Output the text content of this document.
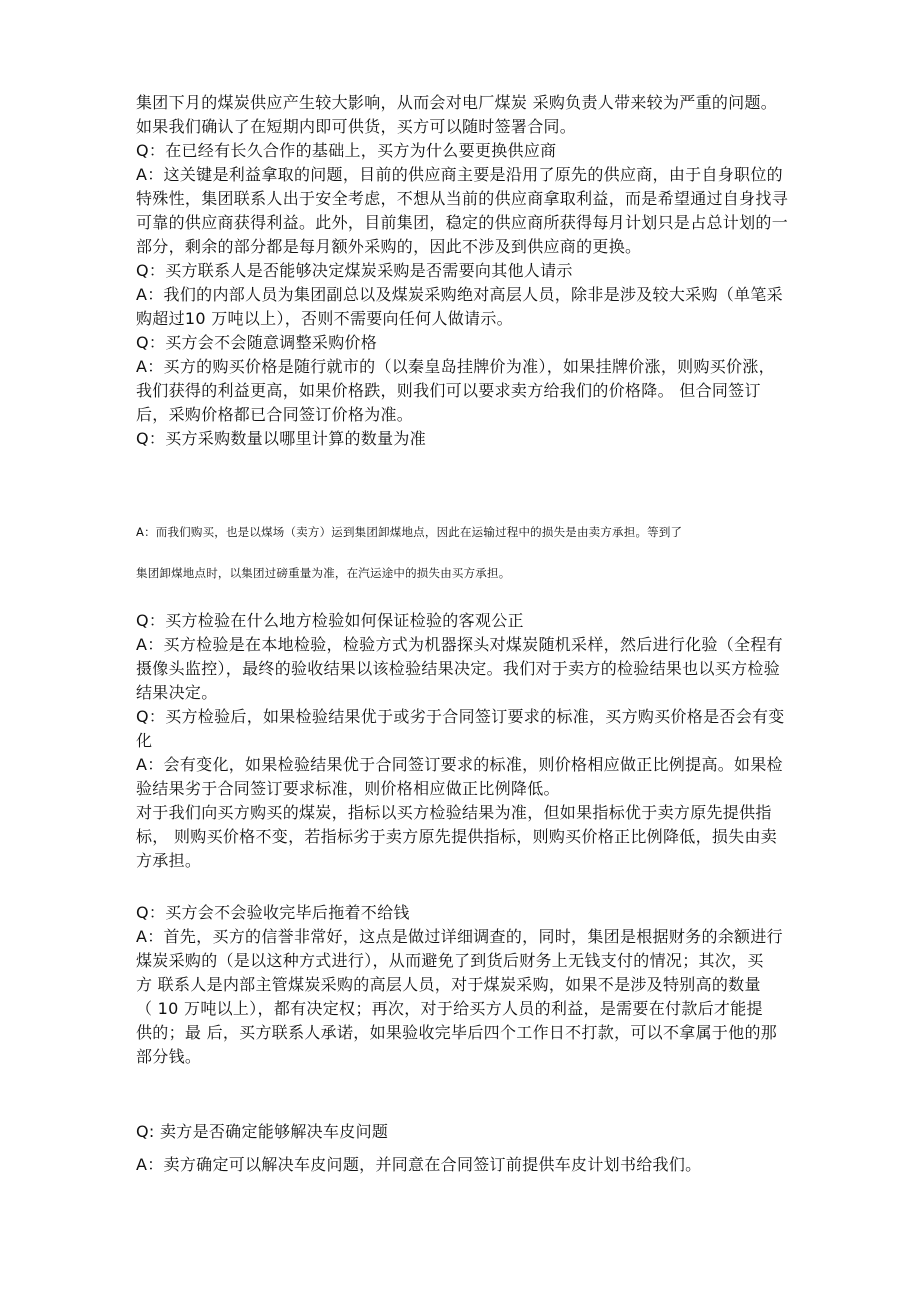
集团下月的煤炭供应产生较大影响，从而会对电厂煤炭 采购负责人带来较为严重的问题。
如果我们确认了在短期内即可供货，买方可以随时签署合同。
Q：在已经有长久合作的基础上，买方为什么要更换供应商
A：这关键是利益拿取的问题，目前的供应商主要是沿用了原先的供应商，由于自身职位的
特殊性，集团联系人出于安全考虑，不想从当前的供应商拿取利益，而是希望通过自身找寻
可靠的供应商获得利益。此外，目前集团，稳定的供应商所获得每月计划只是占总计划的一
部分，剩余的部分都是每月额外采购的，因此不涉及到供应商的更换。
Q：买方联系人是否能够决定煤炭采购是否需要向其他人请示
A：我们的内部人员为集团副总以及煤炭采购绝对高层人员，除非是涉及较大采购（单笔采
购超过10 万吨以上），否则不需要向任何人做请示。
Q：买方会不会随意调整采购价格
A：买方的购买价格是随行就市的（以秦皇岛挂牌价为准），如果挂牌价涨，则购买价涨，
我们获得的利益更高，如果价格跌，则我们可以要求卖方给我们的价格降。 但合同签订
后，采购价格都已合同签订价格为准。
Q：买方采购数量以哪里计算的数量为准
A：而我们购买，也是以煤场（卖方）运到集团卸煤地点，因此在运输过程中的损失是由卖方承担。等到了
集团卸煤地点时，以集团过磅重量为准，在汽运途中的损失由买方承担。
Q：买方检验在什么地方检验如何保证检验的客观公正
A：买方检验是在本地检验，检验方式为机器探头对煤炭随机采样，然后进行化验（全程有
摄像头监控），最终的验收结果以该检验结果决定。我们对于卖方的检验结果也以买方检验
结果决定。
Q：买方检验后，如果检验结果优于或劣于合同签订要求的标准，买方购买价格是否会有变
化
A：会有变化，如果检验结果优于合同签订要求的标准，则价格相应做正比例提高。如果检
验结果劣于合同签订要求标准，则价格相应做正比例降低。
对于我们向买方购买的煤炭，指标以买方检验结果为准，但如果指标优于卖方原先提供指
标， 则购买价格不变，若指标劣于卖方原先提供指标，则购买价格正比例降低，损失由卖
方承担。
Q：买方会不会验收完毕后拖着不给钱
A：首先，买方的信誉非常好，这点是做过详细调查的，同时，集团是根据财务的余额进行
煤炭采购的（是以这种方式进行），从而避免了到货后财务上无钱支付的情况；其次，买
方 联系人是内部主管煤炭采购的高层人员，对于煤炭采购，如果不是涉及特别高的数量
（ 10 万吨以上），都有决定权；再次，对于给买方人员的利益，是需要在付款后才能提
供的；最 后，买方联系人承诺，如果验收完毕后四个工作日不打款，可以不拿属于他的那
部分钱。
Q: 卖方是否确定能够解决车皮问题
A：卖方确定可以解决车皮问题，并同意在合同签订前提供车皮计划书给我们。
